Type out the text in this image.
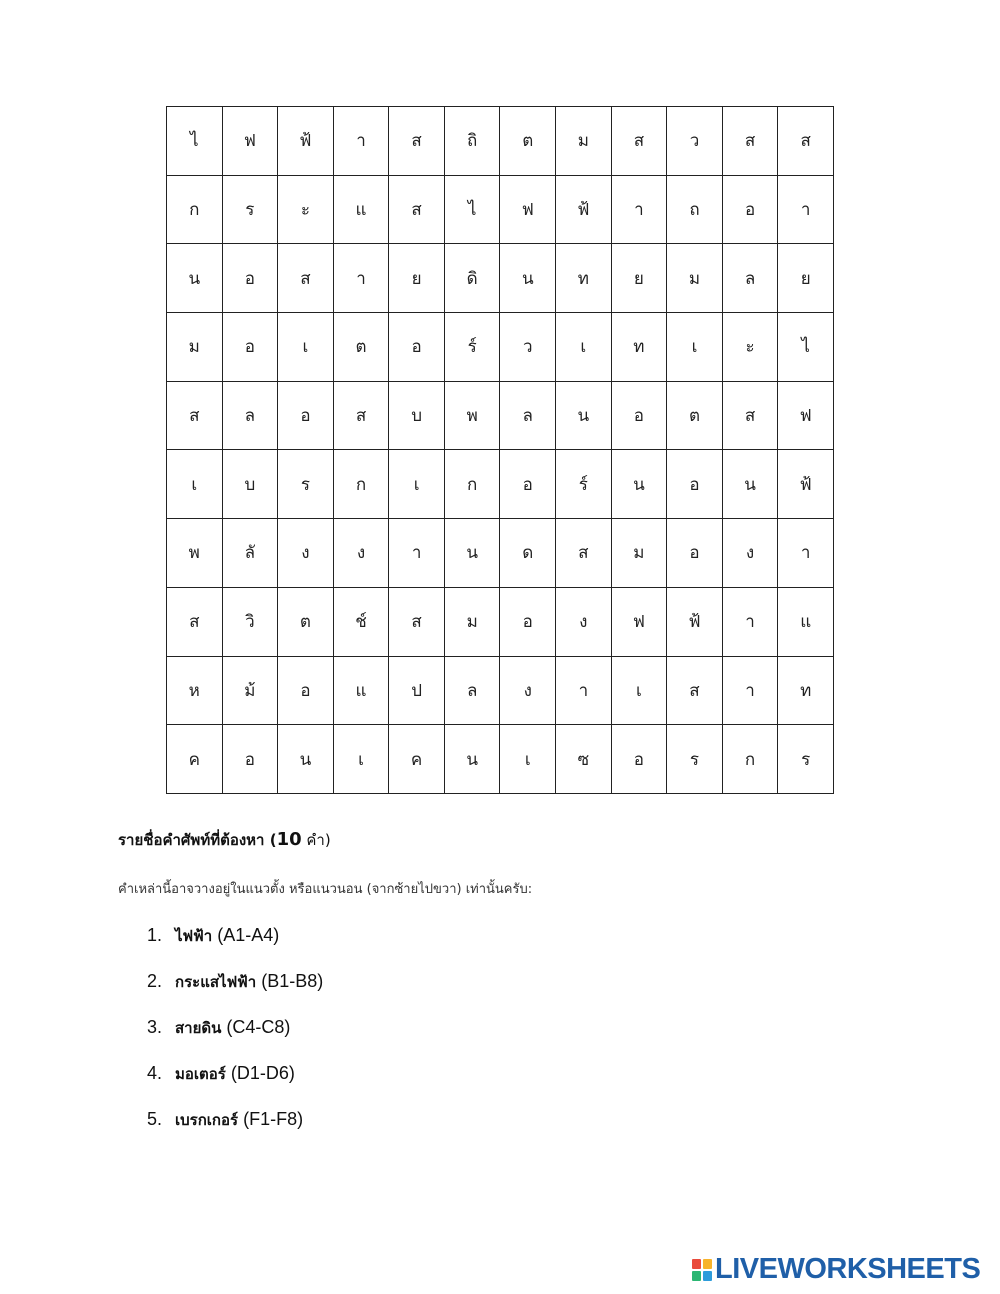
ไ	ฟ	ฟ้	า	ส	ถิ	ต	ม	ส	ว	ส	ส
ก	ร	ะ	แ	ส	ไ	ฟ	ฟ้	า	ถ	อ	า
น	อ	ส	า	ย	ดิ	น	ท	ย	ม	ล	ย
ม	อ	เ	ต	อ	ร์	ว	เ	ท	เ	ะ	ไ
ส	ล	อ	ส	บ	พ	ล	น	อ	ต	ส	ฟ
เ	บ	ร	ก	เ	ก	อ	ร์	น	อ	น	ฟ้
พ	ลั	ง	ง	า	น	ด	ส	ม	อ	ง	า
ส	วิ	ต	ช์	ส	ม	อ	ง	ฟ	ฟ้	า	แ
ห	ม้	อ	แ	ป	ล	ง	า	เ	ส	า	ท
ค	อ	น	เ	ค	น	เ	ซ	อ	ร	ก	ร
รายชื่อคำศัพท์ที่ต้องหา (10 คำ)
คำเหล่านี้อาจวางอยู่ในแนวตั้ง หรือแนวนอน (จากซ้ายไปขวา) เท่านั้นครับ:
1. ไฟฟ้า (A1-A4)
2. กระแสไฟฟ้า (B1-B8)
3. สายดิน (C4-C8)
4. มอเตอร์ (D1-D6)
5. เบรกเกอร์ (F1-F8)
LIVEWORKSHEETS
